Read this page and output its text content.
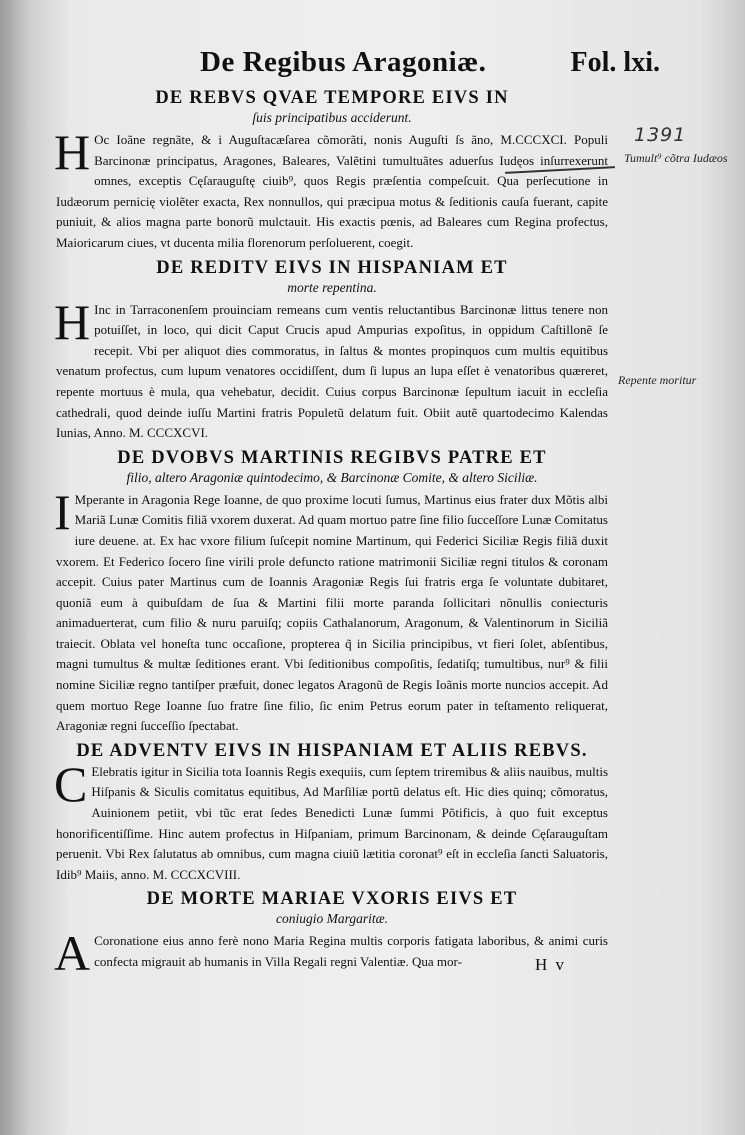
De Regibus Aragoniæ.	Fol. lxi.
1391
Tumult⁹ cõtra Iudæos
Repente moritur
DE REBVS QVAE TEMPORE EIVS IN

ſuis principatibus acciderunt.

H Oc Ioãne regnãte, & i Auguſtacæſarea cõmorãti, nonis Auguſti ſs ãno, M.CCCXCI. Populi Barcinonæ principatus, Aragones, Baleares, Valẽtini tumultuãtes aduerſus Iudęos inſurrexerunt omnes, exceptis Cęſarauguſtę ciuib⁹, quos Regis præſentia compeſcuit. Qua perſecutione in Iudæorum pernicię violẽter exacta, Rex nonnullos, qui præcipua motus & ſeditionis cauſa fuerant, capite puniuit, & alios magna parte bonorũ mulctauit. His exactis pœnis, ad Baleares cum Regina profectus, Maioricarum ciues, vt ducenta milia florenorum perſoluerent, coegit.

DE REDITV EIVS IN HISPANIAM ET

morte repentina.

H Inc in Tarraconenſem prouinciam remeans cum ventis reluctantibus Barcinonæ littus tenere non potuiſſet, in loco, qui dicit Caput Crucis apud Ampurias expoſitus, in oppidum Caſtillonẽ ſe recepit. Vbi per aliquot dies commoratus, in ſaltus & montes propinquos cum multis equitibus venatum profectus, cum lupum venatores occidiſſent, dum ſi lupus an lupa eſſet è venatoribus quæreret, repente mortuus è mula, qua vehebatur, decidit. Cuius corpus Barcinonæ ſepultum iacuit in eccleſia cathedrali, quod deinde iuſſu Martini fratris Populetũ delatum fuit. Obiit autẽ quartodecimo Kalendas Iunias, Anno. M. CCCXCVI.

DE DVOBVS MARTINIS REGIBVS PATRE ET

filio, altero Aragoniæ quintodecimo, & Barcinonæ Comite, & altero Siciliæ.

I Mperante in Aragonia Rege Ioanne, de quo proxime locuti ſumus, Martinus eius frater dux Mõtis albi Mariã Lunæ Comitis filiã vxorem duxerat. Ad quam mortuo patre ſine filio ſucceſſore Lunæ Comitatus iure deuene. at. Ex hac vxore filium ſuſcepit nomine Martinum, qui Federici Siciliæ Regis filiã duxit vxorem. Et Federico ſocero ſine virili prole defuncto ratione matrimonii Siciliæ regni titulos & coronam accepit. Cuius pater Martinus cum de Ioannis Aragoniæ Regis ſui fratris erga ſe voluntate dubitaret, quoniã eum à quibuſdam de ſua & Martini filii morte paranda ſollicitari nõnullis coniecturis animaduerterat, cum filio & nuru paruiſq; copiis Cathalanorum, Aragonum, & Valentinorum in Siciliã traiecit. Oblata vel honeſta tunc occaſione, propterea q̃ in Sicilia principibus, vt fieri ſolet, abſentibus, magni tumultus & multæ ſeditiones erant. Vbi ſeditionibus compoſitis, ſedatiſq; tumultibus, nur⁹ & filii nomine Siciliæ regno tantiſper præfuit, donec legatos Aragonũ de Regis Ioãnis morte nuncios accepit. Ad quem mortuo Rege Ioanne ſuo fratre ſine filio, ſic enim Petrus eorum pater in teſtamento reliquerat, Aragoniæ regni ſucceſſio ſpectabat.

DE ADVENTV EIVS IN HISPANIAM ET ALIIS REBVS.

C Elebratis igitur in Sicilia tota Ioannis Regis exequiis, cum ſeptem triremibus & aliis nauibus, multis Hiſpanis & Siculis comitatus equitibus, Ad Marſiliæ portũ delatus eſt. Hic dies quinq; cõmoratus, Auinionem petiit, vbi tũc erat ſedes Benedicti Lunæ ſummi Põtificis, à quo fuit exceptus honorificentiſſime. Hinc autem profectus in Hiſpaniam, primum Barcinonam, & deinde Cęſarauguſtam peruenit. Vbi Rex ſalutatus ab omnibus, cum magna ciuiũ lætitia coronat⁹ eſt in eccleſia ſancti Saluatoris, Idib⁹ Maiis, anno. M. CCCXCVIII.

DE MORTE MARIAE VXORIS EIVS ET

coniugio Margaritæ.

A Coronatione eius anno ferè nono Maria Regina multis corporis fatigata laboribus, & animi curis confecta migrauit ab humanis in Villa Regali regni Valentiæ. Qua mor-	H v
